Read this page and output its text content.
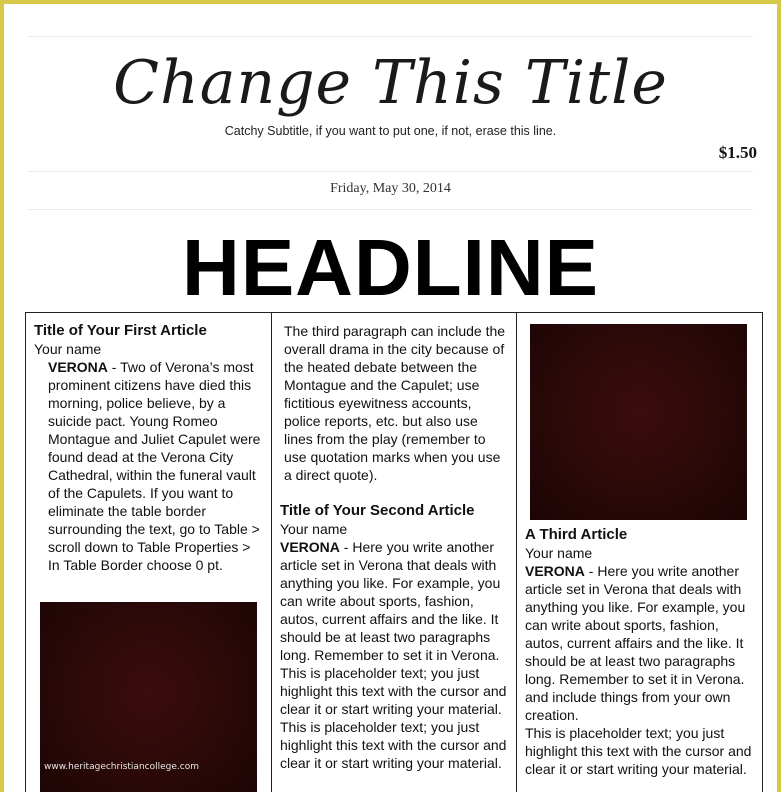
Change This Title
Catchy Subtitle, if you want to put one, if not, erase this line.
$1.50
Friday, May 30, 2014
HEADLINE
Title of Your First Article

Your name

VERONA - Two of Verona’s most prominent citizens have died this morning, police believe, by a suicide pact. Young Romeo Montague and Juliet Capulet were found dead at the Verona City Cathedral, within the funeral vault of the Capulets. If you want to eliminate the table border surrounding the text, go to Table > scroll down to Table Properties > In Table Border choose 0 pt.

www.heritagechristiancollege.com

The third paragraph can include the overall drama in the city because of the heated debate between the Montague and the Capulet; use fictitious eyewitness accounts, police reports, etc. but also use lines from the play (remember to use quotation marks when you use a direct quote).

Title of Your Second Article

Your name

VERONA - Here you write another article set in Verona that deals with anything you like. For example, you can write about sports, fashion, autos, current affairs and the like. It should be at least two paragraphs long. Remember to set it in Verona. This is placeholder text; you just highlight this text with the cursor and clear it or start writing your material.

This is placeholder text; you just highlight this text with the cursor and clear it or start writing your material.

A Third Article

Your name

VERONA - Here you write another article set in Verona that deals with anything you like. For example, you can write about sports, fashion, autos, current affairs and the like. It should be at least two paragraphs long. Remember to set it in Verona. and include things from your own creation.

This is placeholder text; you just highlight this text with the cursor and clear it or start writing your material.
